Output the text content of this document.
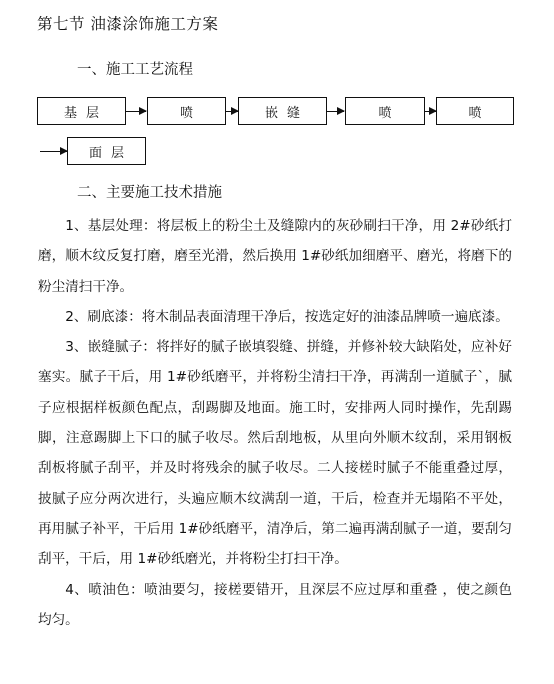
第七节 油漆涂饰施工方案
一、施工工艺流程
基层	喷	嵌缝	喷	喷
面层
二、主要施工技术措施

1、基层处理：将层板上的粉尘土及缝隙内的灰砂刷扫干净，用 2#砂纸打磨，顺木纹反复打磨，磨至光滑，然后换用 1#砂纸加细磨平、磨光，将磨下的粉尘清扫干净。

2、刷底漆：将木制品表面清理干净后，按选定好的油漆品牌喷一遍底漆。

3、嵌缝腻子：将拌好的腻子嵌填裂缝、拼缝，并修补较大缺陷处，应补好塞实。腻子干后，用 1#砂纸磨平，并将粉尘清扫干净，再满刮一道腻子`，腻子应根据样板颜色配点，刮踢脚及地面。施工时，安排两人同时操作，先刮踢脚，注意踢脚上下口的腻子收尽。然后刮地板，从里向外顺木纹刮，采用钢板刮板将腻子刮平，并及时将残余的腻子收尽。二人接槎时腻子不能重叠过厚，披腻子应分两次进行，头遍应顺木纹满刮一道，干后，检查并无塌陷不平处，再用腻子补平，干后用 1#砂纸磨平，清净后，第二遍再满刮腻子一道，要刮匀刮平，干后，用 1#砂纸磨光，并将粉尘打扫干净。

4、喷油色：喷油要匀，接槎要错开，且深层不应过厚和重叠 ，使之颜色均匀。
